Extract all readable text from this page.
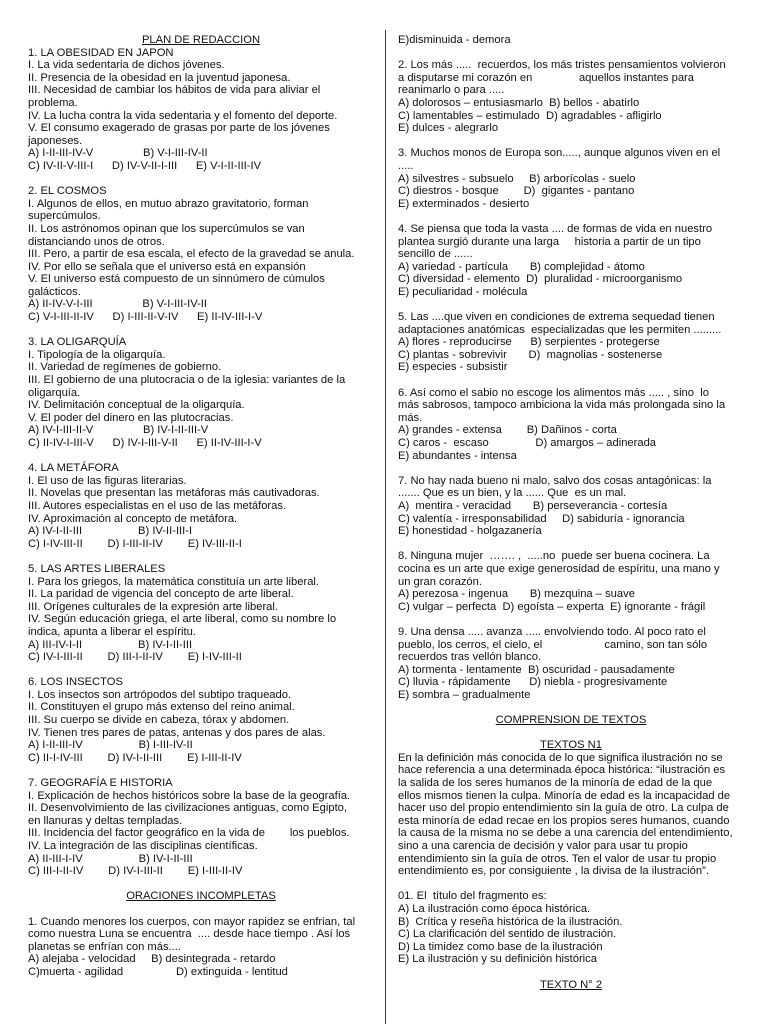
PLAN DE REDACCION
1. LA OBESIDAD EN JAPON
I. La vida sedentaria de dichos jóvenes.
II. Presencia de la obesidad en la juventud japonesa.
III. Necesidad de cambiar los hábitos de vida para aliviar el
problema.
IV. La lucha contra la vida sedentaria y el fomento del deporte.
V. El consumo exagerado de grasas por parte de los jóvenes
japoneses.
A) I-II-III-IV-V                B) V-I-III-IV-II
C) IV-II-V-III-I      D) IV-V-II-I-III      E) V-I-II-III-IV
2. EL COSMOS
I. Algunos de ellos, en mutuo abrazo gravitatorio, forman
supercúmulos.
II. Los astrónomos opinan que los supercúmulos se van
distanciando unos de otros.
III. Pero, a partir de esa escala, el efecto de la gravedad se anula.
IV. Por ello se señala que el universo está en expansión
V. El universo está compuesto de un sinnúmero de cúmulos
galácticos.
A) II-IV-V-I-III                B) V-I-III-IV-II
C) V-I-III-II-IV      D) I-III-II-V-IV      E) II-IV-III-I-V
3. LA OLIGARQUÍA
I. Tipología de la oligarquía.
II. Variedad de regímenes de gobierno.
III. El gobierno de una plutocracia o de la iglesia: variantes de la
oligarquía.
IV. Delimitación conceptual de la oligarquía.
V. El poder del dinero en las plutocracias.
A) IV-I-III-II-V                B) IV-I-II-III-V
C) II-IV-I-III-V      D) IV-I-III-V-II      E) II-IV-III-I-V
4. LA METÁFORA
I. El uso de las figuras literarias.
II. Novelas que presentan las metáforas más cautivadoras.
III. Autores especialistas en el uso de las metáforas.
IV. Aproximación al concepto de metáfora.
A) IV-I-II-III                  B) IV-II-III-I
C) I-IV-III-II        D) I-III-II-IV        E) IV-III-II-I
5. LAS ARTES LIBERALES
I. Para los griegos, la matemática constituía un arte liberal.
II. La paridad de vigencia del concepto de arte liberal.
III. Orígenes culturales de la expresión arte liberal.
IV. Según educación griega, el arte liberal, como su nombre lo
indica, apunta a liberar el espíritu.
A) III-IV-I-II                  B) IV-I-II-III
C) IV-I-III-II        D) III-I-II-IV        E) I-IV-III-II
6. LOS INSECTOS
I. Los insectos son artrópodos del subtipo traqueado.
II. Constituyen el grupo más extenso del reino animal.
III. Su cuerpo se divide en cabeza, tórax y abdomen.
IV. Tienen tres pares de patas, antenas y dos pares de alas.
A) I-II-III-IV                  B) I-III-IV-II
C) II-I-IV-III        D) IV-I-II-III        E) I-III-II-IV
7. GEOGRAFÍA E HISTORIA
I. Explicación de hechos históricos sobre la base de la geografía.
II. Desenvolvimiento de las civilizaciones antiguas, como Egipto,
en llanuras y deltas templadas.
III. Incidencia del factor geográfico en la vida de        los pueblos.
IV. La integración de las disciplinas científicas.
A) II-III-I-IV                  B) IV-I-II-III
C) III-I-II-IV        D) IV-I-III-II        E) I-III-II-IV
ORACIONES INCOMPLETAS
1. Cuando menores los cuerpos, con mayor rapidez se enfrian, tal
como nuestra Luna se encuentra  .... desde hace tiempo . Así los
planetas se enfrían con más....
A) alejaba - velocidad     B) desintegrada - retardo
C)muerta - agilidad                 D) extinguida - lentitud
E)disminuida - demora
2. Los más .....  recuerdos, los más tristes pensamientos volvieron
a disputarse mi corazón en               aquellos instantes para
reanimarlo o para .....
A) dolorosos – entusiasmarlo  B) bellos - abatirlo
C) lamentables – estimulado  D) agradables - afligirlo
E) dulces - alegrarlo
3. Muchos monos de Europa son....., aunque algunos viven en el
.....
A) silvestres - subsuelo     B) arborícolas - suelo
C) diestros - bosque        D)  gigantes - pantano
E) exterminados - desierto
4. Se piensa que toda la vasta .... de formas de vida en nuestro
plantea surgió durante una larga     historia a partir de un tipo
sencillo de ......
A) variedad - partícula       B) complejidad - átomo
C) diversidad - elemento  D)  pluralidad - microorganismo
E) peculiaridad - molécula
5. Las ....que viven en condiciones de extrema sequedad tienen
adaptaciones anatómicas  especializadas que les permiten .........
A) flores - reproducirse      B) serpientes - protegerse
C) plantas - sobrevivir       D)  magnolias - sostenerse
E) especies - subsistir
6. Así como el sabio no escoge los alimentos más ..... , sino  lo
más sabrosos, tampoco ambiciona la vida más prolongada sino la
más.
A) grandes - extensa        B) Dañinos - corta
C) caros -  escaso               D) amargos – adinerada
E) abundantes - intensa
7. No hay nada bueno ni malo, salvo dos cosas antagónicas: la
....... Que es un bien, y la ...... Que  es un mal.
A)  mentira - veracidad       B) perseverancia - cortesía
C) valentía - irresponsabilidad     D) sabiduría - ignorancia
E) honestidad - holgazanería
8. Ninguna mujer  ……. ,  .....no  puede ser buena cocinera. La
cocina es un arte que exige generosidad de espíritu, una mano y
un gran corazón.
A) perezosa - ingenua       B) mezquina – suave
C) vulgar – perfecta  D) egoísta – experta  E) ignorante - frágil
9. Una densa ..... avanza ..... envolviendo todo. Al poco rato el
pueblo, los cerros, el cielo, el                    camino, son tan sólo
recuerdos tras vellón blanco.
A) tormenta - lentamente  B) oscuridad - pausadamente
C) lluvia - rápidamente      D) niebla - progresivamente
E) sombra – gradualmente
COMPRENSION DE TEXTOS
TEXTOS N1
En la definición más conocida de lo que significa ilustración no se
hace referencia a una determinada época histórica: “ilustración es
la salida de los seres humanos de la minoría de edad de la que
ellos mismos tienen la culpa. Minoría de edad es la incapacidad de
hacer uso del propio entendimiento sin la guía de otro. La culpa de
esta minoría de edad recae en los propios seres humanos, cuando
la causa de la misma no se debe a una carencia del entendimiento,
sino a una carencia de decisión y valor para usar tu propio
entendimiento sin la guía de otros. Ten el valor de usar tu propio
entendimiento es, por consiguiente , la divisa de la ilustración”.
01. El  título del fragmento es:
A) La ilustración como época histórica.
B)  Crítica y reseña histórica de la ilustración.
C) La clarificación del sentido de ilustración.
D) La timidez como base de la ilustración
E) La ilustración y su definición histórica
TEXTO N° 2
